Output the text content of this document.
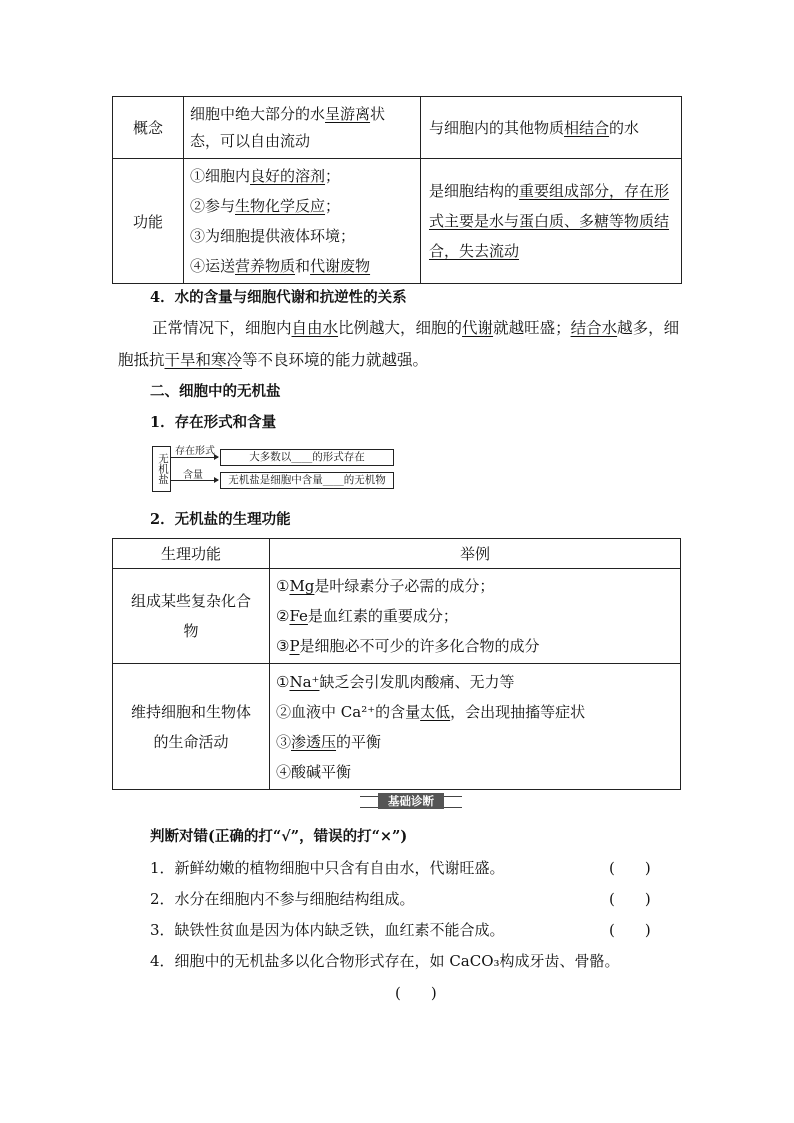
概念	细胞中绝大部分的水呈游离状态，可以自由流动	与细胞内的其他物质相结合的水
功能	①细胞内良好的溶剂；
②参与生物化学反应；
③为细胞提供液体环境；
④运送营养物质和代谢废物	是细胞结构的重要组成部分，存在形式主要是水与蛋白质、多糖等物质结合，失去流动
4．水的含量与细胞代谢和抗逆性的关系
正常情况下，细胞内自由水比例越大，细胞的代谢就越旺盛；结合水越多，细胞抵抗干旱和寒冷等不良环境的能力就越强。
二、细胞中的无机盐
1．存在形式和含量
无机盐
存在形式	大多数以____的形式存在
含量	无机盐是细胞中含量____的无机物
2．无机盐的生理功能
生理功能	举例
组成某些复杂化合物	①Mg是叶绿素分子必需的成分；
②Fe是血红素的重要成分；
③P是细胞必不可少的许多化合物的成分

维持细胞和生物体的生命活动	①Na⁺缺乏会引发肌肉酸痛、无力等
②血液中 Ca²⁺的含量太低，会出现抽搐等症状
③渗透压的平衡
④酸碱平衡
基础诊断
判断对错(正确的打“√”，错误的打“×”)
1．新鲜幼嫩的植物细胞中只含有自由水，代谢旺盛。	(　　)
2．水分在细胞内不参与细胞结构组成。	(　　)
3．缺铁性贫血是因为体内缺乏铁，血红素不能合成。	(　　)
4．细胞中的无机盐多以化合物形式存在，如 CaCO₃构成牙齿、骨骼。
(　　)
